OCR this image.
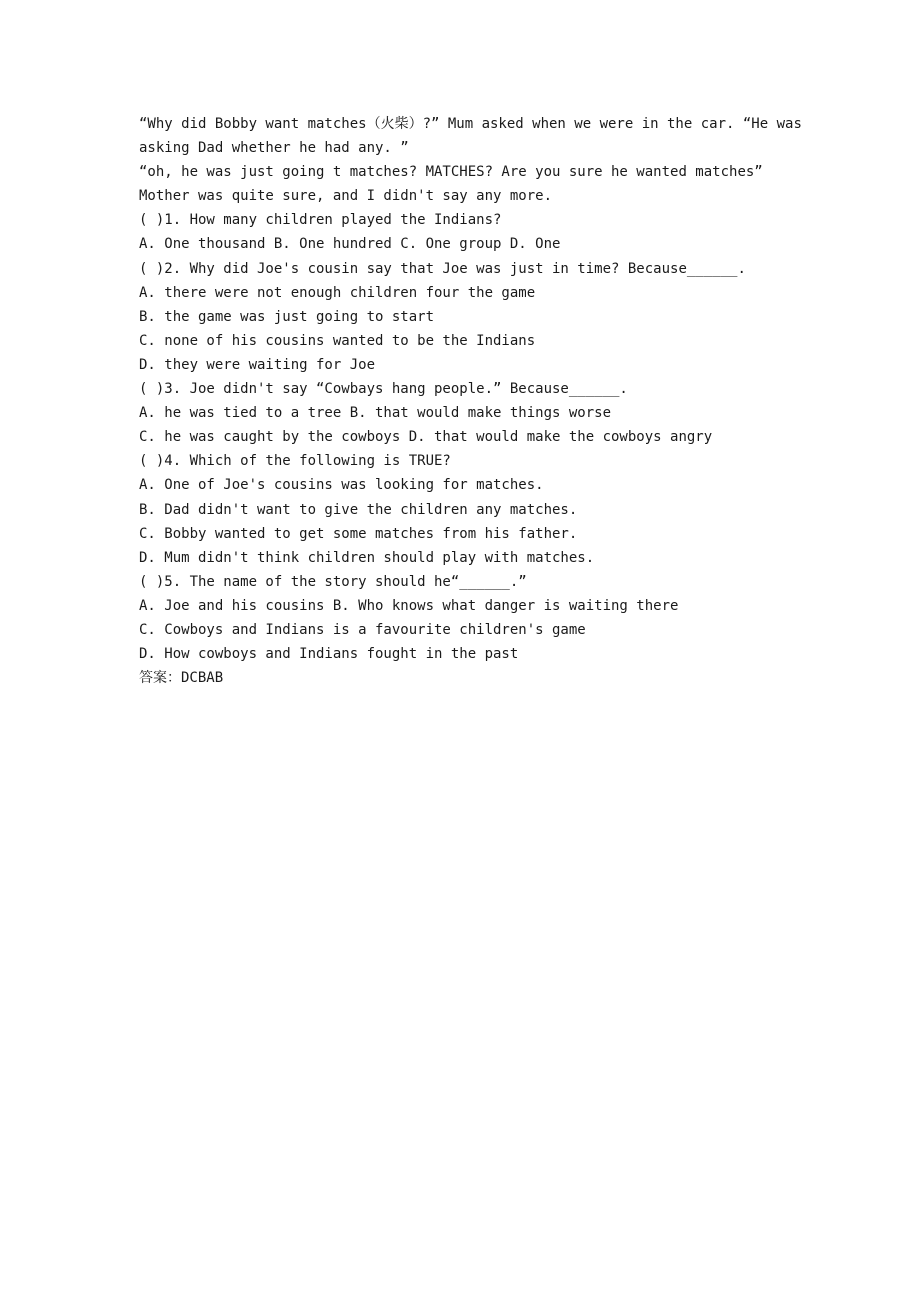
“Why did Bobby want matches（火柴）?” Mum asked when we were in the car. “He was asking Dad whether he had any. ”

“oh, he was just going t matches? MATCHES? Are you sure he wanted matches”

Mother was quite sure, and I didn't say any more.

( )1. How many children played the Indians?

A. One thousand B. One hundred C. One group D. One

( )2. Why did Joe's cousin say that Joe was just in time? Because______.

A. there were not enough children four the game

B. the game was just going to start

C. none of his cousins wanted to be the Indians

D. they were waiting for Joe

( )3. Joe didn't say “Cowbays hang people.” Because______.

A. he was tied to a tree B. that would make things worse

C. he was caught by the cowboys D. that would make the cowboys angry

( )4. Which of the following is TRUE?

A. One of Joe's cousins was looking for matches.

B. Dad didn't want to give the children any matches.

C. Bobby wanted to get some matches from his father.

D. Mum didn't think children should play with matches.

( )5. The name of the story should he“______.”

A. Joe and his cousins B. Who knows what danger is waiting there

C. Cowboys and Indians is a favourite children's game

D. How cowboys and Indians fought in the past

答案：DCBAB
